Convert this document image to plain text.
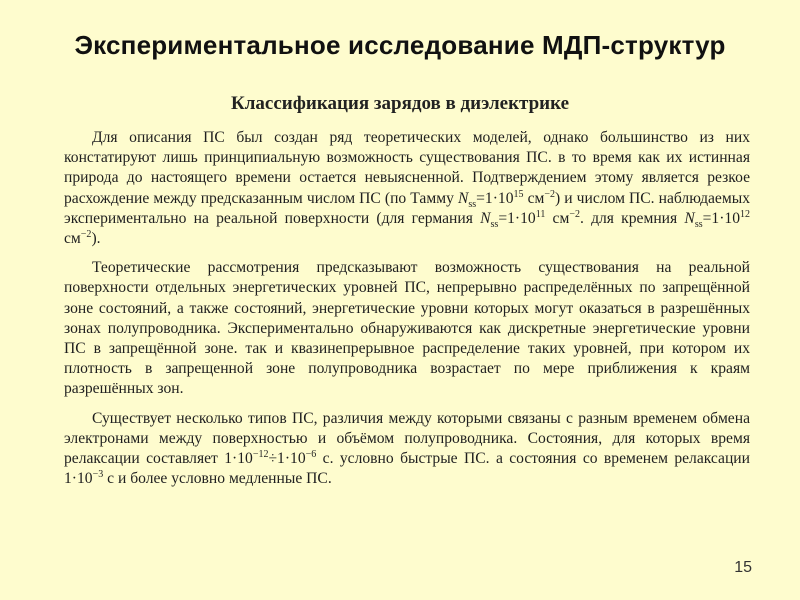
Экспериментальное исследование МДП-структур
Классификация зарядов в диэлектрике

Для описания ПС был создан ряд теоретических моделей, однако большинство из них констатируют лишь принципиальную возможность существования ПС. в то время как их истинная природа до настоящего времени остается невыясненной. Подтверждением этому является резкое расхождение между предсказанным числом ПС (по Тамму $N_{ss}=1\cdot 10^{15}$ $см^{-2}$) и числом ПС. наблюдаемых экспериментально на реальной поверхности (для германия $N_{ss}=1\cdot 10^{11}$ $см^{-2}$. для кремния $N_{ss}=1\cdot 10^{12}$ $см^{-2}$).

Теоретические рассмотрения предсказывают возможность существования на реальной поверхности отдельных энергетических уровней ПС, непрерывно распределённых по запрещённой зоне состояний, а также состояний, энергетические уровни которых могут оказаться в разрешённых зонах полупроводника. Экспериментально обнаруживаются как дискретные энергетические уровни ПС в запрещённой зоне. так и квазинепрерывное распределение таких уровней, при котором их плотность в запрещенной зоне полупроводника возрастает по мере приближения к краям разрешённых зон.

Существует несколько типов ПС, различия между которыми связаны с разным временем обмена электронами между поверхностью и объёмом полупроводника. Состояния, для которых время релаксации составляет $1\cdot 10^{-12}\div 1\cdot 10^{-6}$ с. условно быстрые ПС. а состояния со временем релаксации $1\cdot 10^{-3}$ с и более условно медленные ПС.

15
